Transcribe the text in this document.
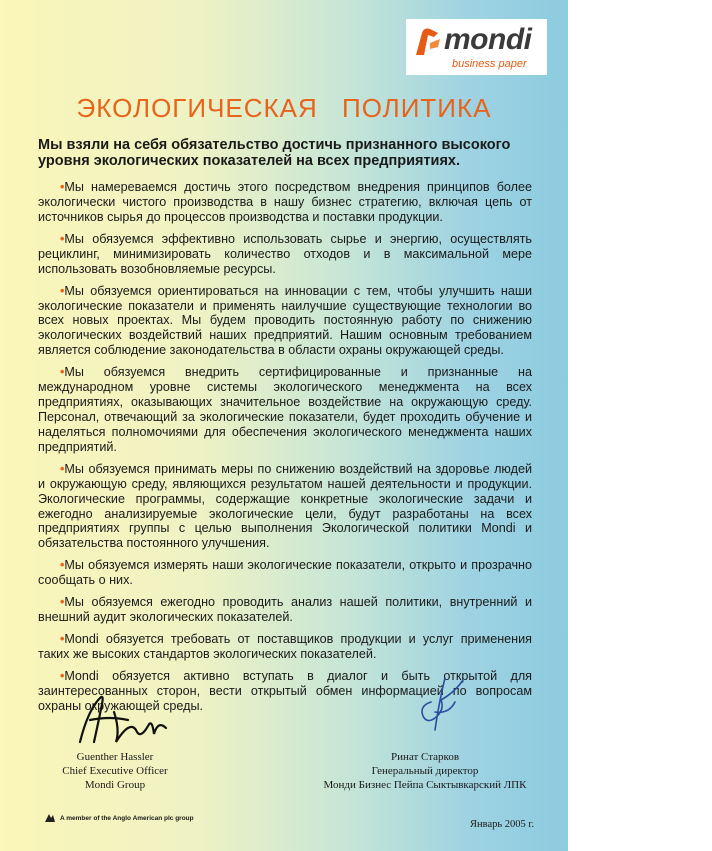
mondi
business paper
ЭКОЛОГИЧЕСКАЯ ПОЛИТИКА
Мы взяли на себя обязательство достичь признанного высокого уровня экологических показателей на всех предприятиях.

•Мы намереваемся достичь этого посредством внедрения принципов более экологически чистого производства в нашу бизнес стратегию, включая цепь от источников сырья до процессов производства и поставки продукции.

•Мы обязуемся эффективно использовать сырье и энергию, осуществлять рециклинг, минимизировать количество отходов и в максимальной мере использовать возобновляемые ресурсы.

•Мы обязуемся ориентироваться на инновации с тем, чтобы улучшить наши экологические показатели и применять наилучшие существующие технологии во всех новых проектах. Мы будем проводить постоянную работу по снижению экологических воздействий наших предприятий. Нашим основным требованием является соблюдение законодательства в области охраны окружающей среды.

•Мы обязуемся внедрить сертифицированные и признанные на международном уровне системы экологического менеджмента на всех предприятиях, оказывающих значительное воздействие на окружающую среду. Персонал, отвечающий за экологические показатели, будет проходить обучение и наделяться полномочиями для обеспечения экологического менеджмента наших предприятий.

•Мы обязуемся принимать меры по снижению воздействий на здоровье людей и окружающую среду, являющихся результатом нашей деятельности и продукции. Экологические программы, содержащие конкретные экологические задачи и ежегодно анализируемые экологические цели, будут разработаны на всех предприятиях группы с целью выполнения Экологической политики Mondi и обязательства постоянного улучшения.

•Мы обязуемся измерять наши экологические показатели, открыто и прозрачно сообщать о них.

•Мы обязуемся ежегодно проводить анализ нашей политики, внутренний и внешний аудит экологических показателей.

•Mondi обязуется требовать от поставщиков продукции и услуг применения таких же высоких стандартов экологических показателей.

•Mondi обязуется активно вступать в диалог и быть открытой для заинтересованных сторон, вести открытый обмен информацией по вопросам охраны окружающей среды.

Guenther Hassler
Chief Executive Officer
Mondi Group
Ринат Старков
Генеральный директор
Монди Бизнес Пейпа Сыктывкарский ЛПК
A member of the Anglo American plc group
Январь 2005 г.
